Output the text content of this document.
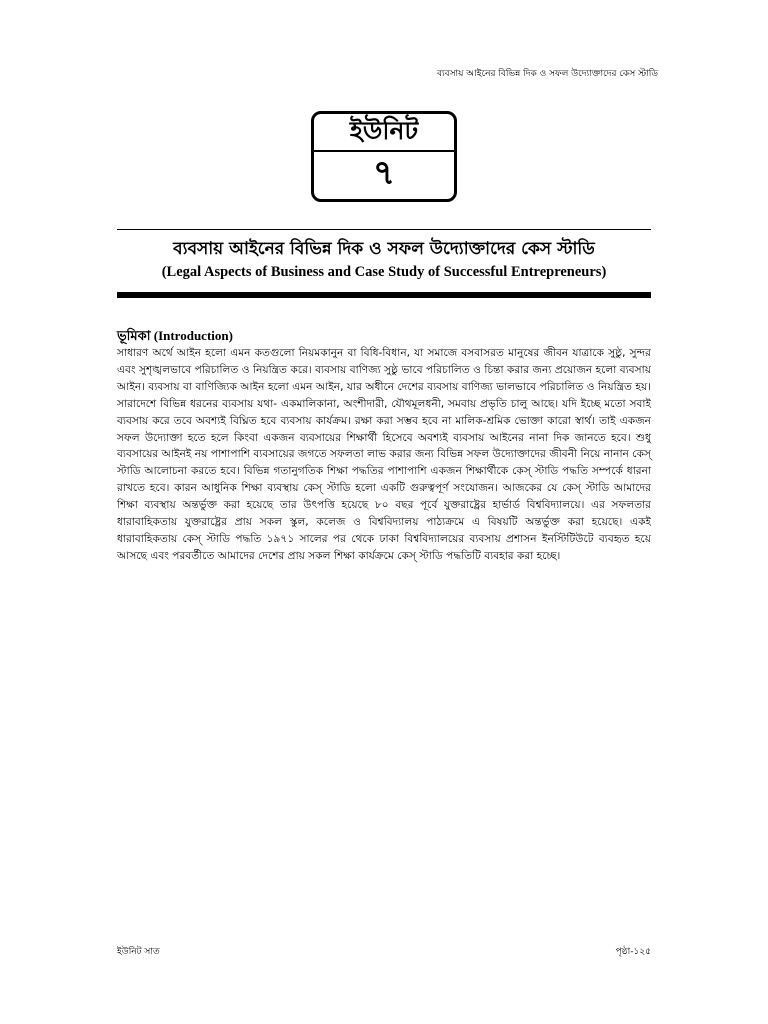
ব্যবসায় আইনের বিভিন্ন দিক ও সফল উদ্যোক্তাদের কেস স্টাডি
ইউনিট
৭
ব্যবসায় আইনের বিভিন্ন দিক ও সফল উদ্যোক্তাদের কেস স্টাডি
(Legal Aspects of Business and Case Study of Successful Entrepreneurs)
ভূমিকা (Introduction)

সাধারণ অর্থে আইন হলো এমন কতগুলো নিয়মকানুন বা বিধি-বিধান, যা সমাজে বসবাসরত মানুষের জীবন যাত্রাকে সুষ্ঠু, সুন্দর এবং সুশৃঙ্খলভাবে পরিচালিত ও নিয়ন্ত্রিত করে। ব্যবসায় বাণিজ্য সুষ্ঠু ভাবে পরিচালিত ও চিন্তা করার জন্য প্রয়োজন হলো ব্যবসায় আইন। ব্যবসায় বা বাণিজ্যিক আইন হলো এমন আইন, যার অধীনে দেশের ব্যবসায় বাণিজ্য ভালভাবে পরিচালিত ও নিয়ন্ত্রিত হয়। সারাদেশে বিভিন্ন ধরনের ব্যবসায় যথা- একমালিকানা, অংশীদারী, যৌথমূলধনী, সমবায় প্রভৃতি চালু আছে। যদি ইচ্ছে মতো সবাই ব্যবসায় করে তবে অবশ্যই বিঘ্নিত হবে ব্যবসায় কার্যক্রম। রক্ষা করা সম্ভব হবে না মালিক-শ্রমিক ভোক্তা কারো স্বার্থ। তাই একজন সফল উদ্যোক্তা হতে হলে কিংবা একজন ব্যবসায়ের শিক্ষার্থী হিসেবে অবশ্যই ব্যবসায় আইনের নানা দিক জানতে হবে। শুধু ব্যবসায়ের আইনই নয় পাশাপাশি ব্যবসায়ের জগতে সফলতা লাভ করার জন্য বিভিন্ন সফল উদ্যোক্তাদের জীবনী নিয়ে নানান কেস্ স্টাডি আলোচনা করতে হবে। বিভিন্ন গতানুগতিক শিক্ষা পদ্ধতির পাশাপাশি একজন শিক্ষার্থীকে কেস্ স্টাডি পদ্ধতি সম্পর্কে ধারনা রাখতে হবে। কারন আধুনিক শিক্ষা ব্যবস্থায় কেস্ স্টাডি হলো একটি গুরুত্বপূর্ণ সংযোজন। আজকের যে কেস্ স্টাডি আমাদের শিক্ষা ব্যবস্থায় অন্তর্ভুক্ত করা হয়েছে তার উৎপত্তি হয়েছে ৮০ বছর পূর্বে যুক্তরাষ্ট্রের হার্ভার্ড বিশ্ববিদ্যালয়ে। এর সফলতার ধারাবাহিকতায় যুক্তরাষ্ট্রের প্রায় সকল স্কুল, কলেজ ও বিশ্ববিদ্যালয় পাঠ্যক্রমে এ বিষয়টি অন্তর্ভুক্ত করা হয়েছে। একই ধারাবাহিকতায় কেস্ স্টাডি পদ্ধতি ১৯৭১ সালের পর থেকে ঢাকা বিশ্ববিদ্যালয়ের ব্যবসায় প্রশাসন ইনস্টিটিউটে ব্যবহৃত হয়ে আসছে এবং পরবর্তীতে আমাদের দেশের প্রায় সকল শিক্ষা কার্যক্রমে কেস্ স্টাডি পদ্ধতিটি ব্যবহার করা হচ্ছে।

ইউনিট সাত	পৃষ্ঠা-১২৫
